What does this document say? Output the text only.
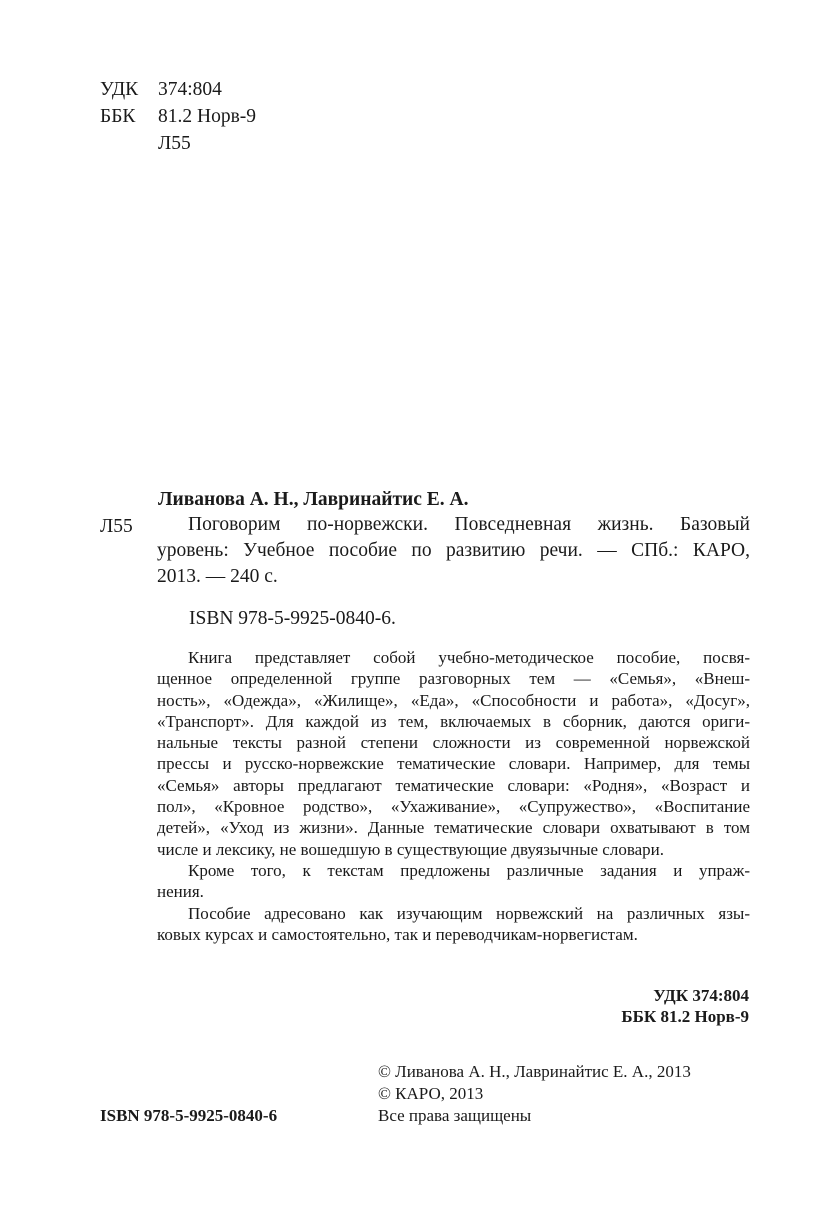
УДК 374:804
ББК 81.2 Норв-9
Л55
Ливанова А. Н., Лавринайтис Е. А.
Л55	Поговорим по-норвежски. Повседневная жизнь. Базовый
уровень: Учебное пособие по развитию речи. — СПб.: КАРО,
2013. — 240 с.
ISBN 978-5-9925-0840-6.
Книга представляет собой учебно-методическое пособие, посвя-
щенное определенной группе разговорных тем — «Семья», «Внеш-
ность», «Одежда», «Жилище», «Еда», «Способности и работа», «Досуг»,
«Транспорт». Для каждой из тем, включаемых в сборник, даются ориги-
нальные тексты разной степени сложности из современной норвежской
прессы и русско-норвежские тематические словари. Например, для темы
«Семья» авторы предлагают тематические словари: «Родня», «Возраст и
пол», «Кровное родство», «Ухаживание», «Супружество», «Воспитание
детей», «Уход из жизни». Данные тематические словари охватывают в том
числе и лексику, не вошедшую в существующие двуязычные словари.
Кроме того, к текстам предложены различные задания и упраж-
нения.
Пособие адресовано как изучающим норвежский на различных язы-
ковых курсах и самостоятельно, так и переводчикам-норвегистам.
УДК 374:804
ББК 81.2 Норв-9
© Ливанова А. Н., Лавринайтис Е. А., 2013
© КАРО, 2013
Все права защищены
ISBN 978-5-9925-0840-6
